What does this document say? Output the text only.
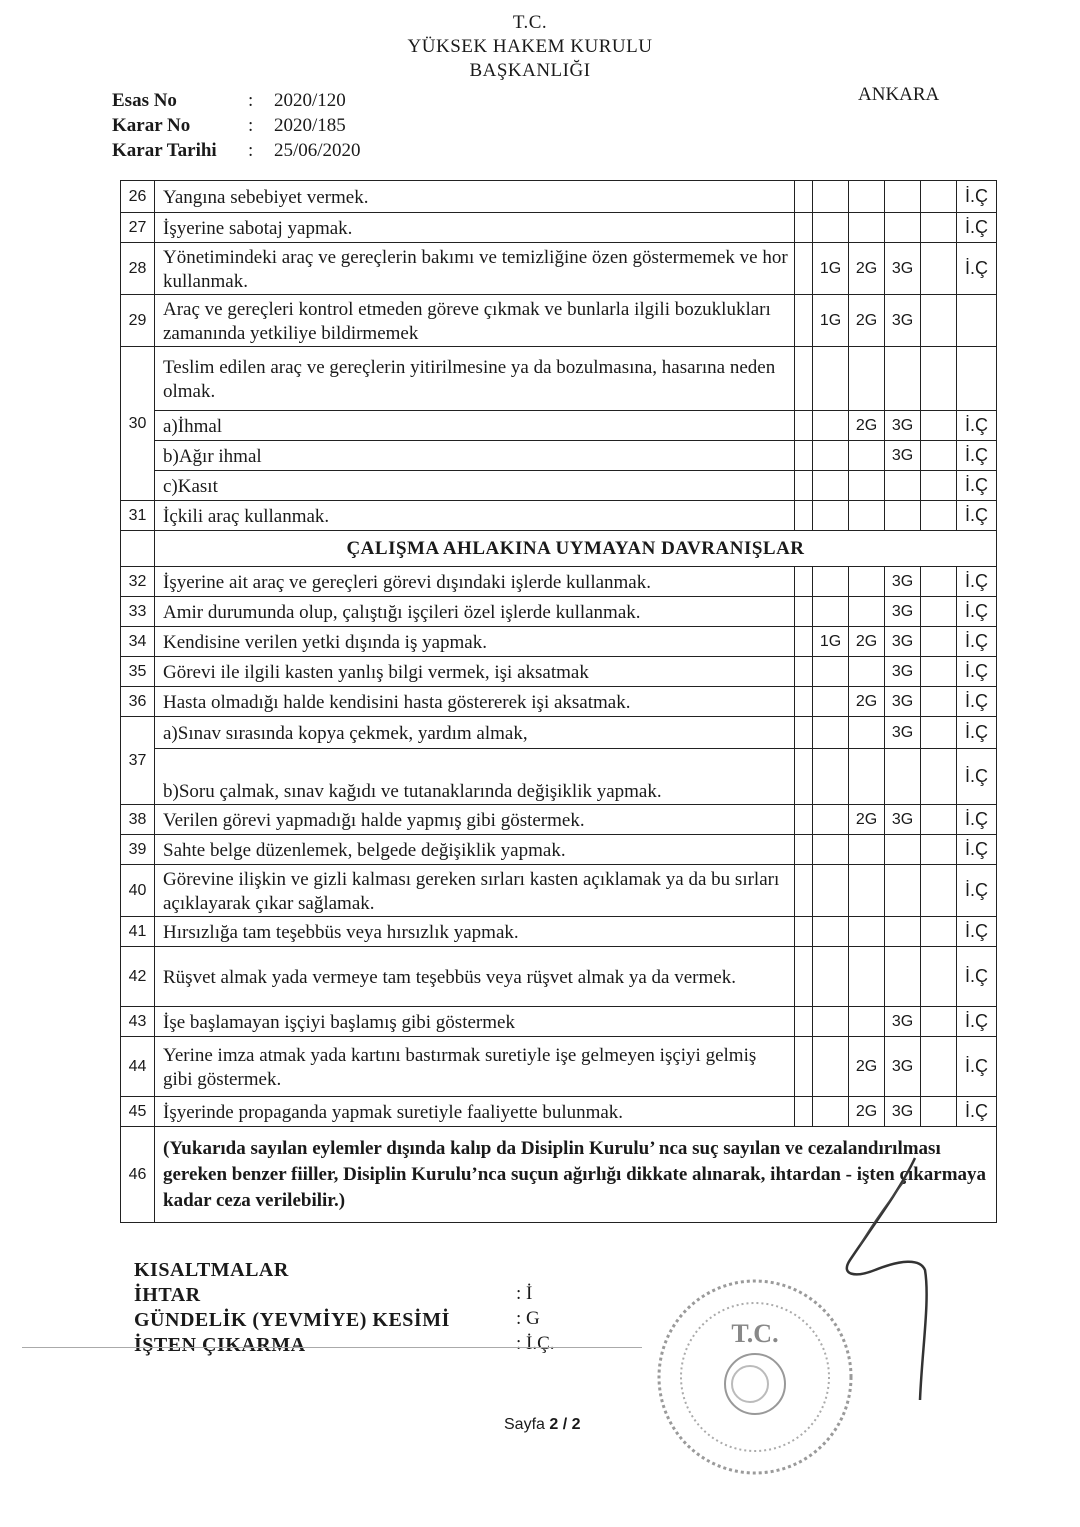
T.C.
YÜKSEK HAKEM KURULU
BAŞKANLIĞI
ANKARA
Esas No	:	2020/120
Karar No	:	2020/185
Karar Tarihi	:	25/06/2020
26	Yangına sebebiyet vermek.						İ.Ç
27	İşyerine sabotaj yapmak.						İ.Ç
28	Yönetimindeki araç ve gereçlerin bakımı ve temizliğine özen göstermemek ve hor kullanmak.		1G	2G	3G		İ.Ç
29	Araç ve gereçleri kontrol etmeden göreve çıkmak ve bunlarla ilgili bozuklukları zamanında yetkiliye bildirmemek		1G	2G	3G		
30	Teslim edilen araç ve gereçlerin yitirilmesine ya da bozulmasına, hasarına neden olmak.						
	a)İhmal			2G	3G		İ.Ç
	b)Ağır ihmal				3G		İ.Ç
	c)Kasıt						İ.Ç
31	İçkili araç kullanmak.						İ.Ç
	ÇALIŞMA AHLAKINA UYMAYAN DAVRANIŞLAR						
32	İşyerine ait araç ve gereçleri görevi dışındaki işlerde kullanmak.				3G		İ.Ç
33	Amir durumunda olup, çalıştığı işçileri özel işlerde kullanmak.				3G		İ.Ç
34	Kendisine verilen yetki dışında iş yapmak.		1G	2G	3G		İ.Ç
35	Görevi ile ilgili kasten yanlış bilgi vermek, işi aksatmak				3G		İ.Ç
36	Hasta olmadığı halde kendisini hasta göstererek işi aksatmak.			2G	3G		İ.Ç
37	a)Sınav sırasında kopya çekmek, yardım almak,				3G		İ.Ç
	b)Soru çalmak, sınav kağıdı ve tutanaklarında değişiklik yapmak.						İ.Ç
38	Verilen görevi yapmadığı halde yapmış gibi göstermek.			2G	3G		İ.Ç
39	Sahte belge düzenlemek, belgede değişiklik yapmak.						İ.Ç
40	Görevine ilişkin ve gizli kalması gereken sırları kasten açıklamak ya da bu sırları açıklayarak çıkar sağlamak.						İ.Ç
41	Hırsızlığa tam teşebbüs veya hırsızlık yapmak.						İ.Ç
42	Rüşvet almak yada vermeye tam teşebbüs veya rüşvet almak ya da vermek.						İ.Ç
43	İşe başlamayan işçiyi başlamış gibi göstermek				3G		İ.Ç
44	Yerine imza atmak yada kartını bastırmak suretiyle işe gelmeyen işçiyi gelmiş gibi göstermek.			2G	3G		İ.Ç
45	İşyerinde propaganda yapmak suretiyle faaliyette bulunmak.			2G	3G		İ.Ç
46	(Yukarıda sayılan eylemler dışında kalıp da Disiplin Kurulu’ nca suç sayılan ve cezalandırılması gereken benzer fiiller, Disiplin Kurulu’nca suçun ağırlığı dikkate alınarak, ihtardan - işten çıkarmaya kadar ceza verilebilir.)						
KISALTMALAR
İHTAR	: İ
GÜNDELİK (YEVMİYE) KESİMİ	: G
İŞTEN ÇIKARMA	: İ.Ç.	T.C.
Sayfa 2 / 2
